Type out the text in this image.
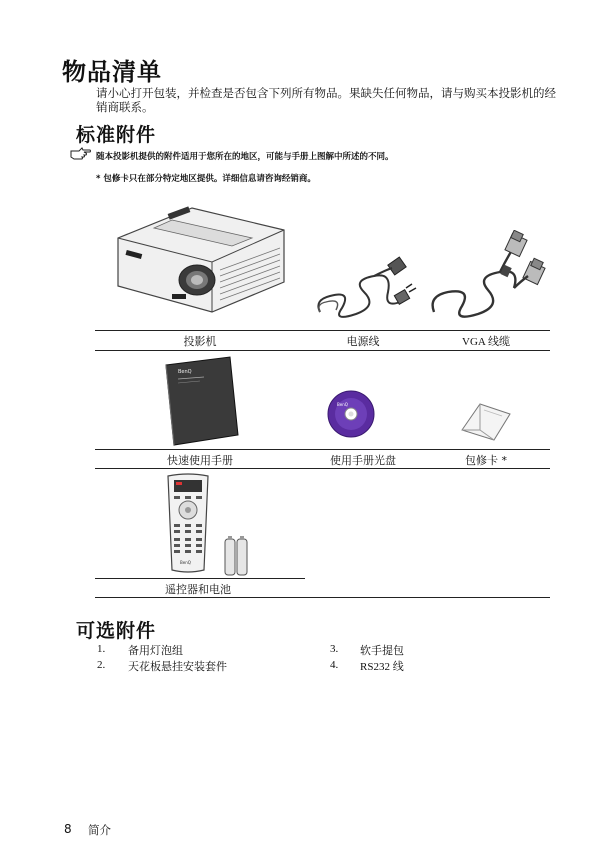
物品清单
请小心打开包装，并检查是否包含下列所有物品。果缺失任何物品，请与购买本投影机的经销商联系。
标准附件
随本投影机提供的附件适用于您所在的地区，可能与手册上图解中所述的不同。
* 包修卡只在部分特定地区提供。详细信息请咨询经销商。
投影机	电源线	VGA 线缆
BenQ
BenQ
快速使用手册	使用手册光盘	包修卡 *
BenQ
遥控器和电池
可选附件
1. 备用灯泡组
2. 天花板悬挂安装套件
3. 软手提包
4. RS232 线
8 简介
